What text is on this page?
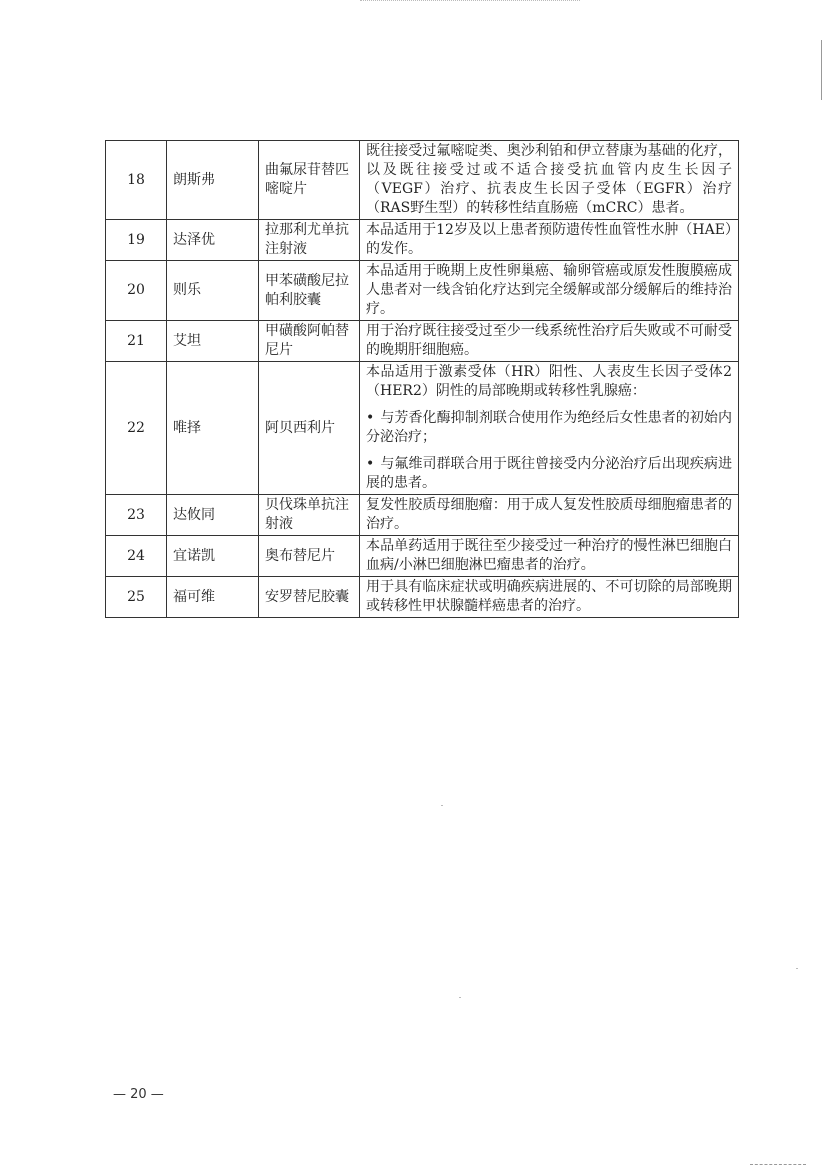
18	朗斯弗	曲氟尿苷替匹嘧啶片	既往接受过氟嘧啶类、奥沙利铂和伊立替康为基础的化疗，以及既往接受过或不适合接受抗血管内皮生长因子（VEGF）治疗、抗表皮生长因子受体（EGFR）治疗（RAS野生型）的转移性结直肠癌（mCRC）患者。

19	达泽优	拉那利尤单抗注射液	本品适用于12岁及以上患者预防遗传性血管性水肿（HAE）的发作。

20	则乐	甲苯磺酸尼拉帕利胶囊	本品适用于晚期上皮性卵巢癌、输卵管癌或原发性腹膜癌成人患者对一线含铂化疗达到完全缓解或部分缓解后的维持治疗。

21	艾坦	甲磺酸阿帕替尼片	用于治疗既往接受过至少一线系统性治疗后失败或不可耐受的晚期肝细胞癌。

22	唯择	阿贝西利片	本品适用于激素受体（HR）阳性、人表皮生长因子受体2（HER2）阴性的局部晚期或转移性乳腺癌：
• 与芳香化酶抑制剂联合使用作为绝经后女性患者的初始内分泌治疗；
• 与氟维司群联合用于既往曾接受内分泌治疗后出现疾病进展的患者。

23	达攸同	贝伐珠单抗注射液	复发性胶质母细胞瘤：用于成人复发性胶质母细胞瘤患者的治疗。

24	宜诺凯	奥布替尼片	本品单药适用于既往至少接受过一种治疗的慢性淋巴细胞白血病/小淋巴细胞淋巴瘤患者的治疗。

25	福可维	安罗替尼胶囊	用于具有临床症状或明确疾病进展的、不可切除的局部晚期或转移性甲状腺髓样癌患者的治疗。
— 20 —
